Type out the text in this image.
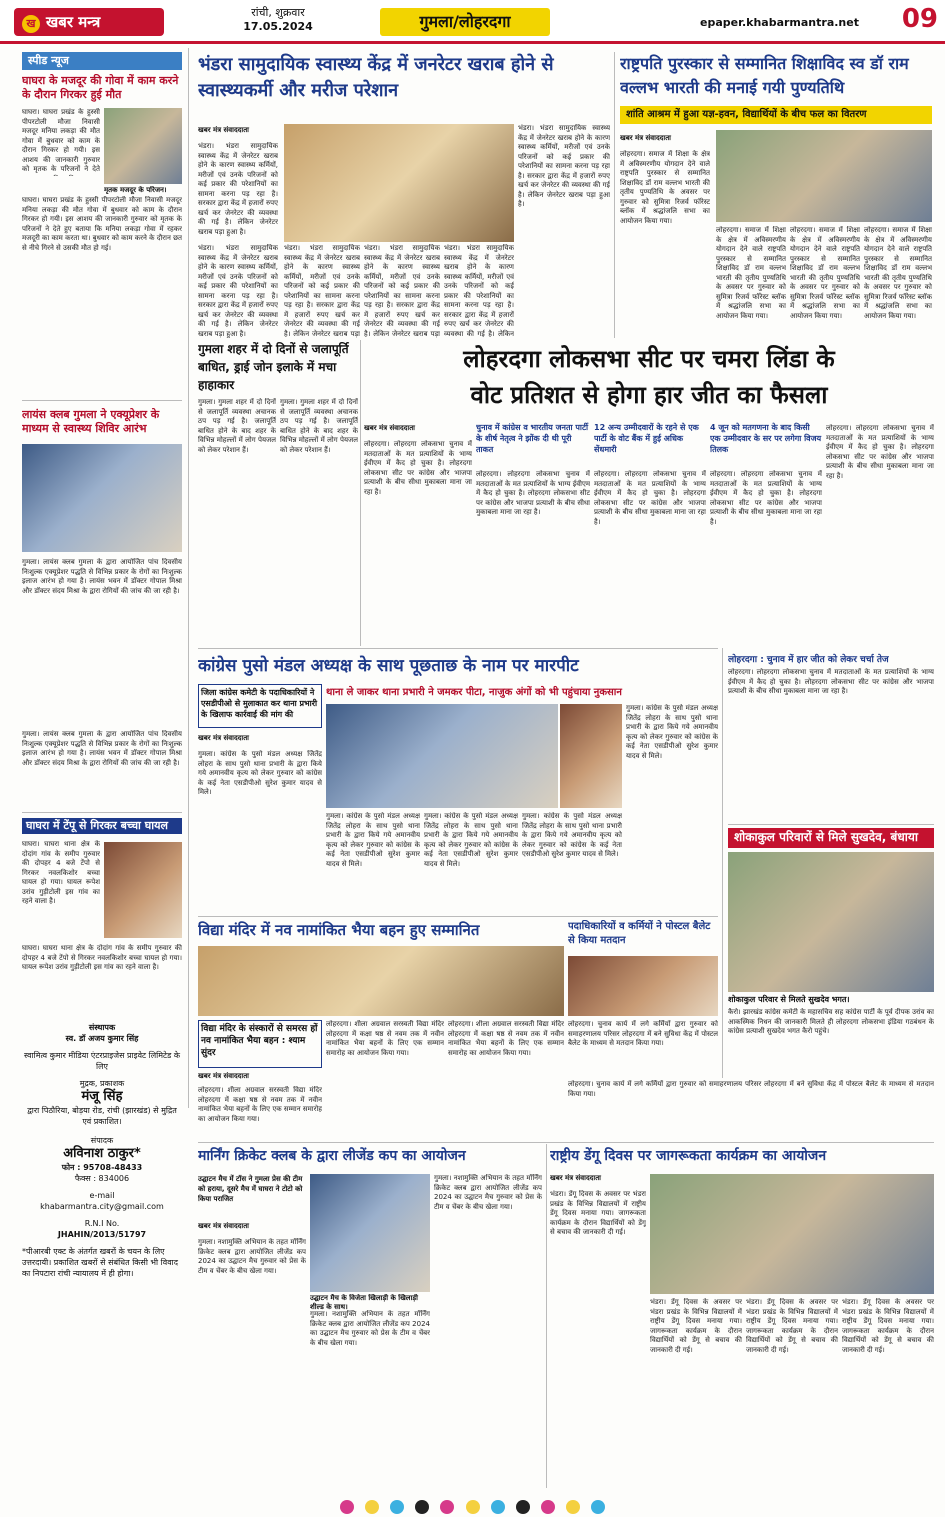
ख खबर मन्त्र
रांची, शुक्रवार
17.05.2024	गुमला/लोहरदगा	epaper.khabarmantra.net	09
स्पीड न्यूज
घाघरा के मजदूर की गोवा में काम करने के दौरान गिरकर हुई मौत
घाघरा। घाघरा प्रखंड के हुस्सी पीपरटोली मौजा निवासी मजदूर मनिया लकड़ा की मौत गोवा में बुधवार को काम के दौरान गिरकर हो गयी। इस आशय की जानकारी गुरुवार को मृतक के परिजनों ने देते
मृतक मजदूर के परिजन।
घाघरा। घाघरा प्रखंड के हुस्सी पीपरटोली मौजा निवासी मजदूर मनिया लकड़ा की मौत गोवा में बुधवार को काम के दौरान गिरकर हो गयी। इस आशय की जानकारी गुरुवार को मृतक के परिजनों ने देते हुए बताया कि मनिया लकड़ा गोवा में रहकर मजदूरी का काम करता था। बुधवार को काम करने के दौरान छत से नीचे गिरने से उसकी मौत हो गई।
लायंस क्लब गुमला ने एक्यूप्रेशर के माध्यम से स्वास्थ्य शिविर आरंभ
गुमला। लायंस क्लब गुमला के द्वारा आयोजित पांच दिवसीय निःशुल्क एक्यूप्रेशर पद्धति से विभिन्न प्रकार के रोगों का निःशुल्क इलाज आरंभ हो गया है। लायंस भवन में डॉक्टर गोपाल मिश्रा और डॉक्टर संदय मिश्रा के द्वारा रोगियों की जांच की जा रही है।
गुमला। लायंस क्लब गुमला के द्वारा आयोजित पांच दिवसीय निःशुल्क एक्यूप्रेशर पद्धति से विभिन्न प्रकार के रोगों का निःशुल्क इलाज आरंभ हो गया है। लायंस भवन में डॉक्टर गोपाल मिश्रा और डॉक्टर संदय मिश्रा के द्वारा रोगियों की जांच की जा रही है।
घाघरा में टेंपू से गिरकर बच्चा घायल
घाघरा। घाघरा थाना क्षेत्र के दोदांग गांव के समीप गुरुवार की दोपहर 4 बजे टेंपो से गिरकर नवलकिशोर बच्चा घायल हो गया। घायल रूपेश उरांव गुड़ीटोली इस गांव का रहने वाला है।
घाघरा। घाघरा थाना क्षेत्र के दोदांग गांव के समीप गुरुवार की दोपहर 4 बजे टेंपो से गिरकर नवलकिशोर बच्चा घायल हो गया। घायल रूपेश उरांव गुड़ीटोली इस गांव का रहने वाला है।
संस्थापक
स्व. डॉ अजय कुमार सिंह
स्वामित्व कुमार मीडिया एंटरप्राइजेस प्राइवेट लिमिटेड के लिए
मुद्रक, प्रकाशक
मंजू सिंह
द्वारा पिठौरिया, बोड़या रोड, रांची (झारखंड) से मुद्रित एवं प्रकाशित।
संपादक
अविनाश ठाकुर*
फोन : 95708-48433
फैक्स : 834006
e-mail
khabarmantra.city@gmail.com
R.N.I No.
JHAHIN/2013/51797
*पीआरबी एक्ट के अंतर्गत खबरों के चयन के लिए उत्तरदायी। प्रकाशित खबरों से संबंधित किसी भी विवाद का निपटारा रांची न्यायालय में ही होगा।
भंडरा सामुदायिक स्वास्थ्य केंद्र में जनरेटर खराब होने से स्वास्थ्यकर्मी और मरीज परेशान
खबर मंत्र संवाददाता
भंडरा। भंडरा सामुदायिक स्वास्थ्य केंद्र में जेनरेटर खराब होने के कारण स्वास्थ्य कर्मियों, मरीजों एवं उनके परिजनों को कई प्रकार की परेशानियों का सामना करना पड़ रहा है। सरकार द्वारा केंद्र में हजारों रुपए खर्च कर जेनरेटर की व्यवस्था की गई है। लेकिन जेनरेटर खराब पड़ा हुआ है।
भंडरा। भंडरा सामुदायिक स्वास्थ्य केंद्र में जेनरेटर खराब होने के कारण स्वास्थ्य कर्मियों, मरीजों एवं उनके परिजनों को कई प्रकार की परेशानियों का सामना करना पड़ रहा है। सरकार द्वारा केंद्र में हजारों रुपए खर्च कर जेनरेटर की व्यवस्था की गई है। लेकिन जेनरेटर खराब पड़ा हुआ है।
भंडरा। भंडरा सामुदायिक स्वास्थ्य केंद्र में जेनरेटर खराब होने के कारण स्वास्थ्य कर्मियों, मरीजों एवं उनके परिजनों को कई प्रकार की परेशानियों का सामना करना पड़ रहा है। सरकार द्वारा केंद्र में हजारों रुपए खर्च कर जेनरेटर की व्यवस्था की गई है। लेकिन जेनरेटर खराब पड़ा
भंडरा। भंडरा सामुदायिक स्वास्थ्य केंद्र में जेनरेटर खराब होने के कारण स्वास्थ्य कर्मियों, मरीजों एवं उनके परिजनों को कई प्रकार की परेशानियों का सामना करना पड़ रहा है। सरकार द्वारा केंद्र में हजारों रुपए खर्च कर जेनरेटर की व्यवस्था की गई है। लेकिन जेनरेटर खराब पड़ा
भंडरा। भंडरा सामुदायिक स्वास्थ्य केंद्र में जेनरेटर खराब होने के कारण स्वास्थ्य कर्मियों, मरीजों एवं उनके परिजनों को कई प्रकार की परेशानियों का सामना करना पड़ रहा है। सरकार द्वारा केंद्र में हजारों रुपए खर्च कर जेनरेटर की व्यवस्था की गई है। लेकिन
भंडरा। भंडरा सामुदायिक स्वास्थ्य केंद्र में जेनरेटर खराब होने के कारण स्वास्थ्य कर्मियों, मरीजों एवं उनके परिजनों को कई प्रकार की परेशानियों का सामना करना पड़ रहा है। सरकार द्वारा केंद्र में हजारों रुपए खर्च कर जेनरेटर की व्यवस्था की गई है। लेकिन जेनरेटर खराब पड़ा हुआ है।
राष्ट्रपति पुरस्कार से सम्मानित शिक्षाविद स्व डॉ राम वल्लभ भारती की मनाई गयी पुण्यतिथि
शांति आश्रम में हुआ यज्ञ-हवन, विद्यार्थियों के बीच फल का वितरण
खबर मंत्र संवाददाता
लोहरदगा। समाज में शिक्षा के क्षेत्र में अविस्मरणीय योगदान देने वाले राष्ट्रपति पुरस्कार से सम्मानित शिक्षाविद डॉ राम वल्लभ भारती की तृतीय पुण्यतिथि के अवसर पर गुरुवार को सुमित्रा रिजर्व फॉरेस्ट ब्लॉक में श्रद्धांजलि सभा का आयोजन किया गया।
लोहरदगा। समाज में शिक्षा के क्षेत्र में अविस्मरणीय योगदान देने वाले राष्ट्रपति पुरस्कार से सम्मानित शिक्षाविद डॉ राम वल्लभ भारती की तृतीय पुण्यतिथि के अवसर पर गुरुवार को सुमित्रा रिजर्व फॉरेस्ट ब्लॉक में श्रद्धांजलि सभा का आयोजन किया गया।
लोहरदगा। समाज में शिक्षा के क्षेत्र में अविस्मरणीय योगदान देने वाले राष्ट्रपति पुरस्कार से सम्मानित शिक्षाविद डॉ राम वल्लभ भारती की तृतीय पुण्यतिथि के अवसर पर गुरुवार को सुमित्रा रिजर्व फॉरेस्ट ब्लॉक में श्रद्धांजलि सभा का आयोजन किया गया।
लोहरदगा। समाज में शिक्षा के क्षेत्र में अविस्मरणीय योगदान देने वाले राष्ट्रपति पुरस्कार से सम्मानित शिक्षाविद डॉ राम वल्लभ भारती की तृतीय पुण्यतिथि के अवसर पर गुरुवार को सुमित्रा रिजर्व फॉरेस्ट ब्लॉक में श्रद्धांजलि सभा का आयोजन किया गया।
गुमला शहर में दो दिनों से जलापूर्ति बाधित, ड्राई जोन इलाके में मचा हाहाकार
गुमला। गुमला शहर में दो दिनों से जलापूर्ति व्यवस्था अचानक ठप पड़ गई है। जलापूर्ति बाधित होने के बाद शहर के विभिन्न मोहल्लों में लोग पेयजल को लेकर परेशान हैं।
गुमला। गुमला शहर में दो दिनों से जलापूर्ति व्यवस्था अचानक ठप पड़ गई है। जलापूर्ति बाधित होने के बाद शहर के विभिन्न मोहल्लों में लोग पेयजल को लेकर परेशान हैं।
लोहरदगा लोकसभा सीट पर चमरा लिंडा के
वोट प्रतिशत से होगा हार जीत का फैसला
चुनाव में कांग्रेस व भारतीय जनता पार्टी के शीर्ष नेतृत्व ने झोंक दी थी पूरी ताकत
12 अन्य उम्मीदवारों के रहने से एक पार्टी के वोट बैंक में हुई अधिक सेंधमारी
4 जून को मतगणना के बाद किसी एक उम्मीदवार के सर पर लगेगा विजय तिलक
खबर मंत्र संवाददाता
लोहरदगा। लोहरदगा लोकसभा चुनाव में मतदाताओं के मत प्रत्याशियों के भाग्य ईवीएम में कैद हो चुका है। लोहरदगा लोकसभा सीट पर कांग्रेस और भाजपा प्रत्याशी के बीच सीधा मुकाबला माना जा रहा है।
लोहरदगा। लोहरदगा लोकसभा चुनाव में मतदाताओं के मत प्रत्याशियों के भाग्य ईवीएम में कैद हो चुका है। लोहरदगा लोकसभा सीट पर कांग्रेस और भाजपा प्रत्याशी के बीच सीधा मुकाबला माना जा रहा है।
लोहरदगा। लोहरदगा लोकसभा चुनाव में मतदाताओं के मत प्रत्याशियों के भाग्य ईवीएम में कैद हो चुका है। लोहरदगा लोकसभा सीट पर कांग्रेस और भाजपा प्रत्याशी के बीच सीधा मुकाबला माना जा रहा है।
लोहरदगा। लोहरदगा लोकसभा चुनाव में मतदाताओं के मत प्रत्याशियों के भाग्य ईवीएम में कैद हो चुका है। लोहरदगा लोकसभा सीट पर कांग्रेस और भाजपा प्रत्याशी के बीच सीधा मुकाबला माना जा रहा है।
लोहरदगा। लोहरदगा लोकसभा चुनाव में मतदाताओं के मत प्रत्याशियों के भाग्य ईवीएम में कैद हो चुका है। लोहरदगा लोकसभा सीट पर कांग्रेस और भाजपा प्रत्याशी के बीच सीधा मुकाबला माना जा रहा है।
कांग्रेस पुसो मंडल अध्यक्ष के साथ पूछताछ के नाम पर मारपीट
जिला कांग्रेस कमेटी के पदाधिकारियों ने एसडीपीओ से मुलाकात कर थाना प्रभारी के खिलाफ कार्रवाई की मांग की
थाना ले जाकर थाना प्रभारी ने जमकर पीटा, नाजुक अंगों को भी पहुंचाया नुकसान
खबर मंत्र संवाददाता
गुमला। कांग्रेस के पुसो मंडल अध्यक्ष जितेंद्र लोहरा के साथ पुसो थाना प्रभारी के द्वारा किये गये अमानवीय कृत्य को लेकर गुरुवार को कांग्रेस के कई नेता एसडीपीओ सुरेश कुमार यादव से मिले।
गुमला। कांग्रेस के पुसो मंडल अध्यक्ष जितेंद्र लोहरा के साथ पुसो थाना प्रभारी के द्वारा किये गये अमानवीय कृत्य को लेकर गुरुवार को कांग्रेस के कई नेता एसडीपीओ सुरेश कुमार यादव से मिले।
गुमला। कांग्रेस के पुसो मंडल अध्यक्ष जितेंद्र लोहरा के साथ पुसो थाना प्रभारी के द्वारा किये गये अमानवीय कृत्य को लेकर गुरुवार को कांग्रेस के कई नेता एसडीपीओ सुरेश कुमार यादव से मिले।
गुमला। कांग्रेस के पुसो मंडल अध्यक्ष जितेंद्र लोहरा के साथ पुसो थाना प्रभारी के द्वारा किये गये अमानवीय कृत्य को लेकर गुरुवार को कांग्रेस के कई नेता एसडीपीओ सुरेश कुमार यादव से मिले।
गुमला। कांग्रेस के पुसो मंडल अध्यक्ष जितेंद्र लोहरा के साथ पुसो थाना प्रभारी के द्वारा किये गये अमानवीय कृत्य को लेकर गुरुवार को कांग्रेस के कई नेता एसडीपीओ सुरेश कुमार यादव से मिले।
लोहरदगा : चुनाव में हार जीत को लेकर चर्चा तेज
लोहरदगा। लोहरदगा लोकसभा चुनाव में मतदाताओं के मत प्रत्याशियों के भाग्य ईवीएम में कैद हो चुका है। लोहरदगा लोकसभा सीट पर कांग्रेस और भाजपा प्रत्याशी के बीच सीधा मुकाबला माना जा रहा है।
शोकाकुल परिवारों से मिले सुखदेव, बंधाया
शोकाकुल परिवार से मिलते सुखदेव भगत।
कैरो। झारखंड कांग्रेस कमेटी के महासचिव सह कांग्रेस पार्टी के पूर्व दीपक उरांव का आकस्मिक निधन की जानकारी मिलते ही लोहरदगा लोकसभा इंडिया गठबंधन के कांग्रेस प्रत्याशी सुखदेव भगत कैरो पहुंचे।
विद्या मंदिर में नव नामांकित भैया बहन हुए सम्मानित
विद्या मंदिर के संस्कारों से समरस हों नव नामांकित भैया बहन : श्याम सुंदर
खबर मंत्र संवाददाता
लोहरदगा। शीला अग्रवाल सरस्वती विद्या मंदिर लोहरदगा में कक्षा षष्ठ से नवम तक में नवीन नामांकित भैया बहनों के लिए एक सम्मान समारोह का आयोजन किया गया।
लोहरदगा। शीला अग्रवाल सरस्वती विद्या मंदिर लोहरदगा में कक्षा षष्ठ से नवम तक में नवीन नामांकित भैया बहनों के लिए एक सम्मान समारोह का आयोजन किया गया।
लोहरदगा। शीला अग्रवाल सरस्वती विद्या मंदिर लोहरदगा में कक्षा षष्ठ से नवम तक में नवीन नामांकित भैया बहनों के लिए एक सम्मान समारोह का आयोजन किया गया।
पदाधिकारियों व कर्मियों ने पोस्टल बैलेट से किया मतदान
लोहरदगा। चुनाव कार्य में लगे कर्मियों द्वारा गुरुवार को समाहरणालय परिसर लोहरदगा में बने सुविधा केंद्र में पोस्टल बैलेट के माध्यम से मतदान किया गया।
लोहरदगा। चुनाव कार्य में लगे कर्मियों द्वारा गुरुवार को समाहरणालय परिसर लोहरदगा में बने सुविधा केंद्र में पोस्टल बैलेट के माध्यम से मतदान किया गया।
मार्निंग क्रिकेट क्लब के द्वारा लीजेंड कप का आयोजन
उद्घाटन मैच में टॉस ने गुमला प्रेस की टीम को हराया, दूसरे मैच में घाघरा ने टोटो को किया पराजित
उद्घाटन मैच के विजेता खिलाड़ी के खिलाड़ी शील्ड के साथ।
खबर मंत्र संवाददाता
गुमला। नशामुक्ति अभियान के तहत मॉर्निंग क्रिकेट क्लब द्वारा आयोजित लीजेंड कप 2024 का उद्घाटन मैच गुरुवार को प्रेस के टीम व चेंबर के बीच खेला गया।
गुमला। नशामुक्ति अभियान के तहत मॉर्निंग क्रिकेट क्लब द्वारा आयोजित लीजेंड कप 2024 का उद्घाटन मैच गुरुवार को प्रेस के टीम व चेंबर के बीच खेला गया।
गुमला। नशामुक्ति अभियान के तहत मॉर्निंग क्रिकेट क्लब द्वारा आयोजित लीजेंड कप 2024 का उद्घाटन मैच गुरुवार को प्रेस के टीम व चेंबर के बीच खेला गया।
राष्ट्रीय डेंगू दिवस पर जागरूकता कार्यक्रम का आयोजन
खबर मंत्र संवाददाता
भंडरा। डेंगू दिवस के अवसर पर भंडरा प्रखंड के विभिन्न विद्यालयों में राष्ट्रीय डेंगू दिवस मनाया गया। जागरूकता कार्यक्रम के दौरान विद्यार्थियों को डेंगू से बचाव की जानकारी दी गई।
भंडरा। डेंगू दिवस के अवसर पर भंडरा प्रखंड के विभिन्न विद्यालयों में राष्ट्रीय डेंगू दिवस मनाया गया। जागरूकता कार्यक्रम के दौरान विद्यार्थियों को डेंगू से बचाव की जानकारी दी गई।
भंडरा। डेंगू दिवस के अवसर पर भंडरा प्रखंड के विभिन्न विद्यालयों में राष्ट्रीय डेंगू दिवस मनाया गया। जागरूकता कार्यक्रम के दौरान विद्यार्थियों को डेंगू से बचाव की जानकारी दी गई।
भंडरा। डेंगू दिवस के अवसर पर भंडरा प्रखंड के विभिन्न विद्यालयों में राष्ट्रीय डेंगू दिवस मनाया गया। जागरूकता कार्यक्रम के दौरान विद्यार्थियों को डेंगू से बचाव की जानकारी दी गई।
